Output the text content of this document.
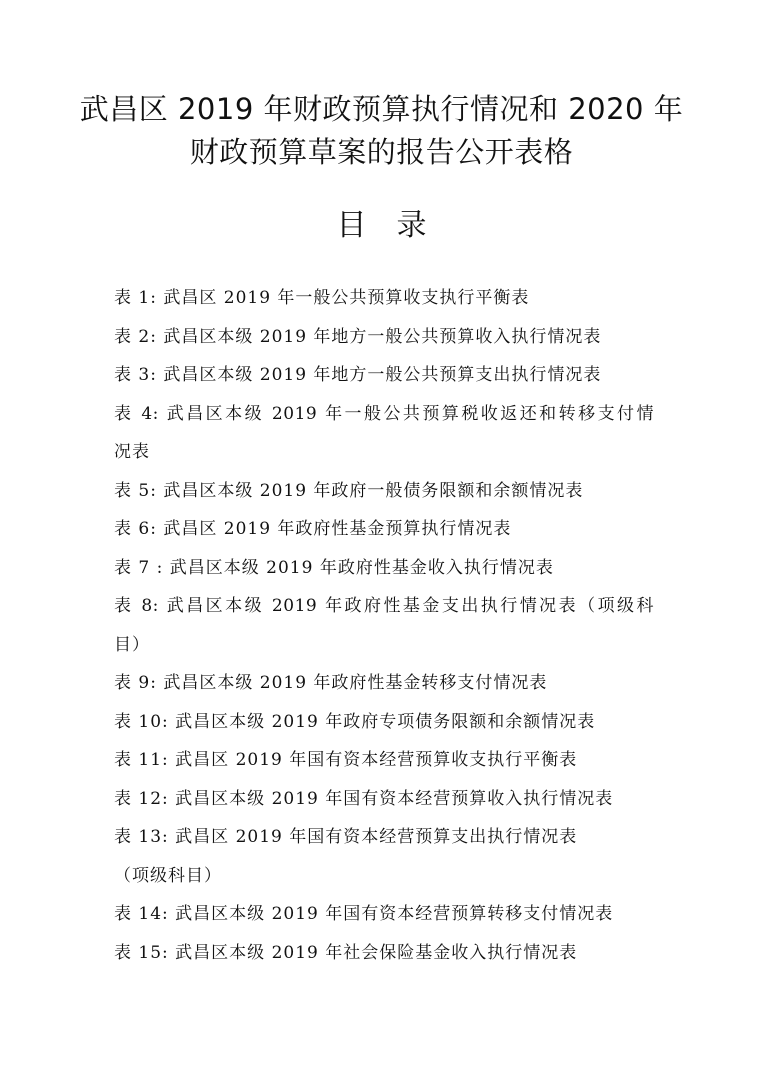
武昌区 2019 年财政预算执行情况和 2020 年
财政预算草案的报告公开表格
目录
表 1: 武昌区 2019 年一般公共预算收支执行平衡表
表 2: 武昌区本级 2019 年地方一般公共预算收入执行情况表
表 3: 武昌区本级 2019 年地方一般公共预算支出执行情况表
表 4: 武昌区本级 2019 年一般公共预算税收返还和转移支付情
况表
表 5: 武昌区本级 2019 年政府一般债务限额和余额情况表
表 6: 武昌区 2019 年政府性基金预算执行情况表
表 7 : 武昌区本级 2019 年政府性基金收入执行情况表
表 8: 武昌区本级 2019 年政府性基金支出执行情况表（项级科
目）
表 9: 武昌区本级 2019 年政府性基金转移支付情况表
表 10: 武昌区本级 2019 年政府专项债务限额和余额情况表
表 11: 武昌区 2019 年国有资本经营预算收支执行平衡表
表 12: 武昌区本级 2019 年国有资本经营预算收入执行情况表
表 13: 武昌区 2019 年国有资本经营预算支出执行情况表
（项级科目）
表 14: 武昌区本级 2019 年国有资本经营预算转移支付情况表
表 15: 武昌区本级 2019 年社会保险基金收入执行情况表
